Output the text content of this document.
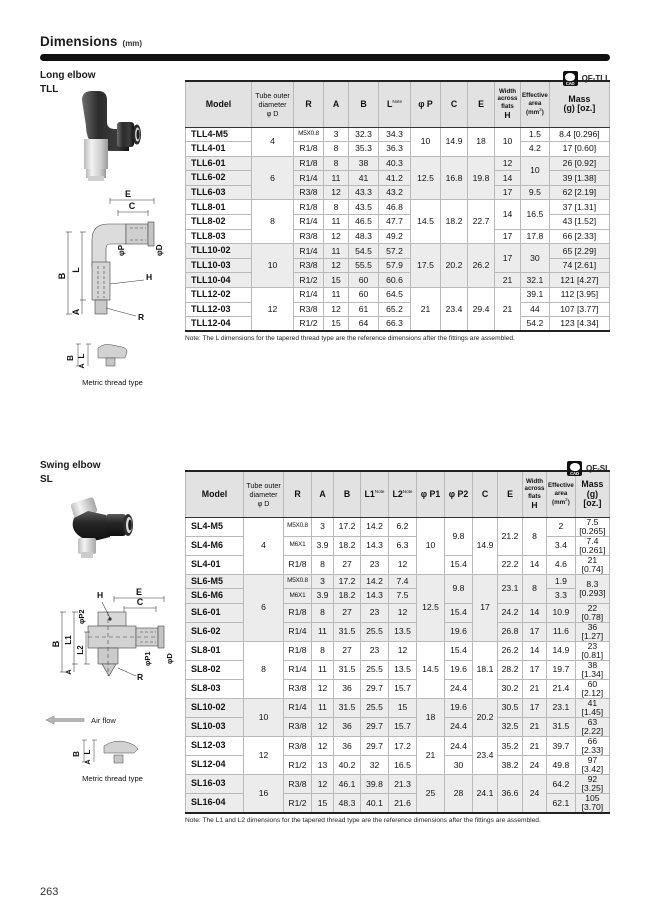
Dimensions (mm)
Long elbow
TLL
CAD
QF-TLL
E
C
B
L
A
H
R
φP	φD
B L
A
Metric thread type
Model	Tube outer
diameter
φ D	R	A	B	$L^{Note}$	φ P	C	E	Width
across
flats
H	Effective
area
$(mm^2)$	Mass
(g) [oz.]
TLL4-M5	4	M5X0.8	3	32.3	34.3	10	14.9	18	10	1.5	8.4 [0.296]
TLL4-01		R1/8	8	35.3	36.3					4.2	17 [0.60]
TLL6-01	6	R1/8	8	38	40.3	12.5	16.8	19.8	12	10	26 [0.92]
TLL6-02		R1/4	11	41	41.2				14		39 [1.38]
TLL6-03		R3/8	12	43.3	43.2				17	9.5	62 [2.19]
TLL8-01	8	R1/8	8	43.5	46.8	14.5	18.2	22.7	14	16.5	37 [1.31]
TLL8-02		R1/4	11	46.5	47.7						43 [1.52]
TLL8-03		R3/8	12	48.3	49.2				17	17.8	66 [2.33]
TLL10-02	10	R1/4	11	54.5	57.2	17.5	20.2	26.2	17	30	65 [2.29]
TLL10-03		R3/8	12	55.5	57.9						74 [2.61]
TLL10-04		R1/2	15	60	60.6				21	32.1	121 [4.27]
TLL12-02	12	R1/4	11	60	64.5	21	23.4	29.4	21	39.1	112 [3.95]
TLL12-03		R3/8	12	61	65.2					44	107 [3.77]
TLL12-04		R1/2	15	64	66.3					54.2	123 [4.34]
Note: The L dimensions for the tapered thread type are the reference dimensions after the fittings are assembled.
Swing elbow
SL
CAD
QF-SL
E
C
H
B L1
L2
A	R
φP2
φP1 φD
Air flow
B L
A
Metric thread type
Model	Tube outer
diameter
φ D	R	A	B	$L1^{Note}$	$L2^{Note}$	φ P1	φ P2	C	E	Width
across
flats
H	Effective
area
$(mm^2)$	Mass
(g) [oz.]
SL4-M5	4	M5X0.8	3	17.2	14.2	6.2	10	9.8	14.9	21.2	8	2	7.5 [0.265]
SL4-M6		M6X1	3.9	18.2	14.3	6.3						3.4	7.4 [0.261]
SL4-01		R1/8	8	27	23	12		15.4		22.2	14	4.6	21 [0.74]
SL6-M5	6	M5X0.8	3	17.2	14.2	7.4	12.5	9.8	17	23.1	8	1.9	8.3 [0.293]
SL6-M6		M6X1	3.9	18.2	14.3	7.5						3.3	
SL6-01		R1/8	8	27	23	12		15.4		24.2	14	10.9	22 [0.78]
SL6-02		R1/4	11	31.5	25.5	13.5		19.6		26.8	17	11.6	36 [1.27]
SL8-01	8	R1/8	8	27	23	12	14.5	15.4	18.1	26.2	14	14.9	23 [0.81]
SL8-02		R1/4	11	31.5	25.5	13.5		19.6		28.2	17	19.7	38 [1.34]
SL8-03		R3/8	12	36	29.7	15.7		24.4		30.2	21	21.4	60 [2.12]
SL10-02	10	R1/4	11	31.5	25.5	15	18	19.6	20.2	30.5	17	23.1	41 [1.45]
SL10-03		R3/8	12	36	29.7	15.7		24.4		32.5	21	31.5	63 [2.22]
SL12-03	12	R3/8	12	36	29.7	17.2	21	24.4	23.4	35.2	21	39.7	66 [2.33]
SL12-04		R1/2	13	40.2	32	16.5		30		38.2	24	49.8	97 [3.42]
SL16-03	16	R3/8	12	46.1	39.8	21.3	25	28	24.1	36.6	24	64.2	92 [3.25]
SL16-04		R1/2	15	48.3	40.1	21.6						62.1	105 [3.70]
Note: The L1 and L2 dimensions for the tapered thread type are the reference dimensions after the fittings are assembled.
263
